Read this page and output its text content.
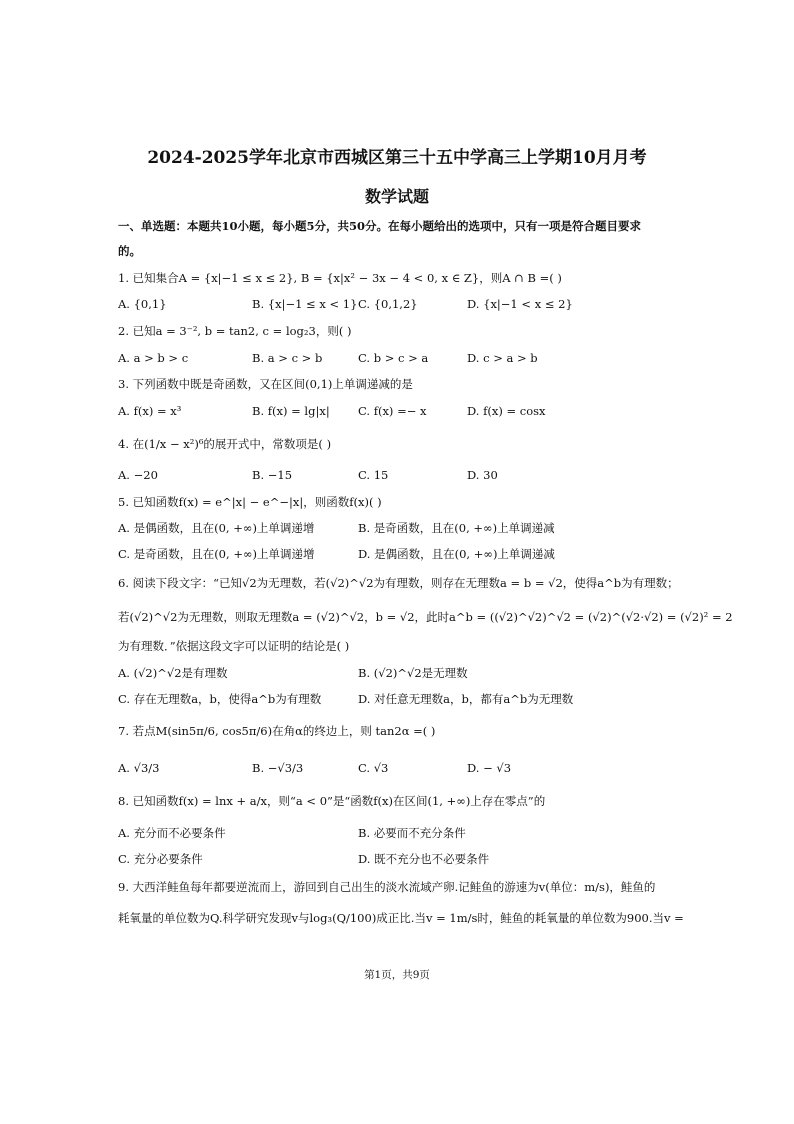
2024-2025学年北京市西城区第三十五中学高三上学期10月月考
数学试题
一、单选题：本题共10小题，每小题5分，共50分。在每小题给出的选项中，只有一项是符合题目要求
的。
1. 已知集合A = {x|−1 ≤ x ≤ 2}, B = {x|x² − 3x − 4 < 0, x ∈ Z}，则A ∩ B =( )
A. {0,1}	B. {x|−1 ≤ x < 1} C. {0,1,2}	D. {x|−1 < x ≤ 2}
2. 已知a = 3⁻², b = tan2, c = log₂3，则( )
A. a > b > c	B. a > c > b	C. b > c > a	D. c > a > b
3. 下列函数中既是奇函数，又在区间(0,1)上单调递减的是
A. f(x) = x³	B. f(x) = lg|x| C. f(x) =− x	D. f(x) = cosx
4. 在(1/x − x²)⁶的展开式中，常数项是( )
A. −20	B. −15	C. 15	D. 30
5. 已知函数f(x) = e^|x| − e^−|x|，则函数f(x)( )
A. 是偶函数，且在(0, +∞)上单调递增	B. 是奇函数，且在(0, +∞)上单调递减
C. 是奇函数，且在(0, +∞)上单调递增	D. 是偶函数，且在(0, +∞)上单调递减
6. 阅读下段文字：“已知√2为无理数，若(√2)^√2为有理数，则存在无理数a = b = √2，使得a^b为有理数；
若(√2)^√2为无理数，则取无理数a = (√2)^√2，b = √2，此时a^b = ((√2)^√2)^√2 = (√2)^(√2·√2) = (√2)² = 2
为有理数．”依据这段文字可以证明的结论是( )
A. (√2)^√2是有理数	B. (√2)^√2是无理数
C. 存在无理数a，b，使得a^b为有理数	D. 对任意无理数a，b，都有a^b为无理数
7. 若点M(sin5π/6, cos5π/6)在角α的终边上，则 tan2α =( )
A. √3/3	B. −√3/3	C. √3	D. − √3
8. 已知函数f(x) = lnx + a/x，则“a < 0”是“函数f(x)在区间(1, +∞)上存在零点”的
A. 充分而不必要条件	B. 必要而不充分条件
C. 充分必要条件	D. 既不充分也不必要条件
9. 大西洋鲑鱼每年都要逆流而上，游回到自己出生的淡水流域产卵.记鲑鱼的游速为v(单位：m/s)，鲑鱼的
耗氧量的单位数为Q.科学研究发现v与log₃(Q/100)成正比.当v = 1m/s时，鲑鱼的耗氧量的单位数为900.当v =
第1页，共9页
